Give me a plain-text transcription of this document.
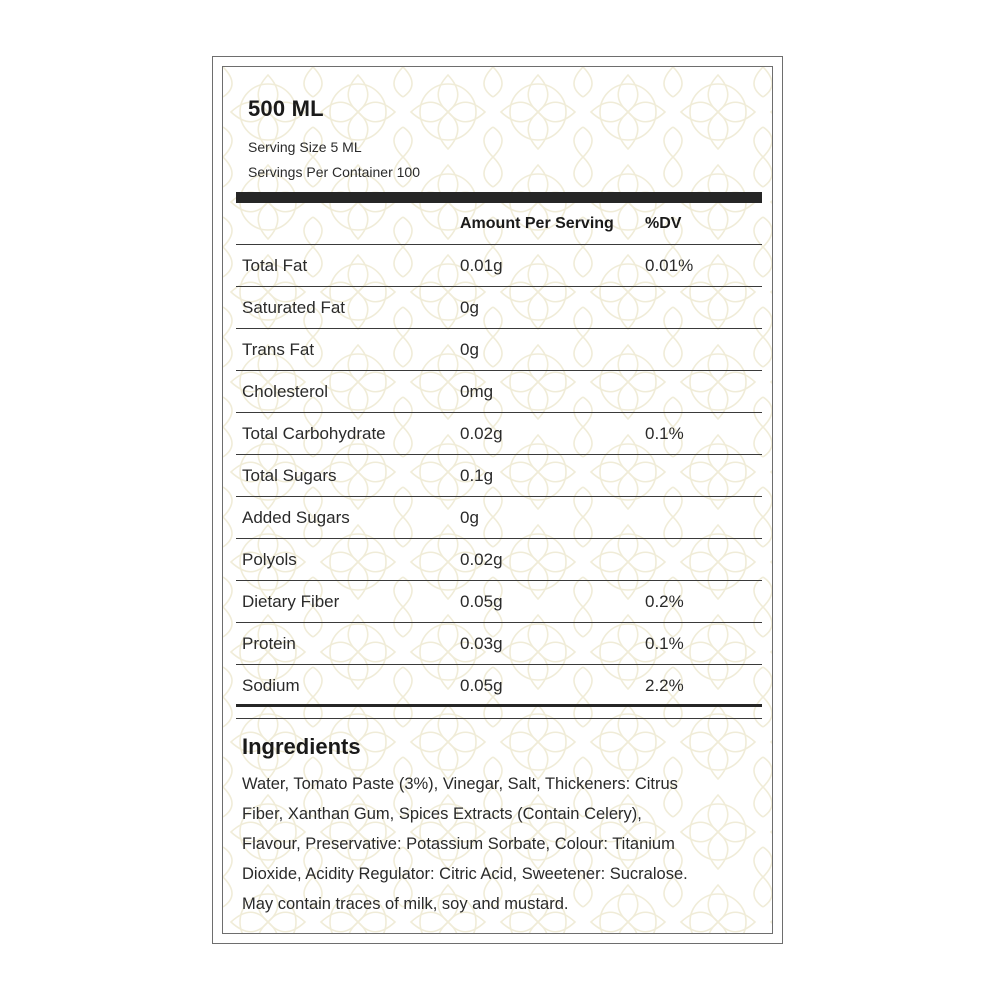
500 ML
Serving Size 5 ML
Servings Per Container 100
Amount Per Serving %DV
Total Fat	0.01g	0.01%
Saturated Fat	0g
Trans Fat	0g
Cholesterol	0mg
Total Carbohydrate	0.02g	0.1%
Total Sugars	0.1g
Added Sugars	0g
Polyols	0.02g
Dietary Fiber	0.05g	0.2%
Protein	0.03g	0.1%
Sodium	0.05g	2.2%
Ingredients
Water, Tomato Paste (3%), Vinegar, Salt, Thickeners: Citrus
Fiber, Xanthan Gum, Spices Extracts (Contain Celery),
Flavour, Preservative: Potassium Sorbate, Colour: Titanium
Dioxide, Acidity Regulator: Citric Acid, Sweetener: Sucralose.
May contain traces of milk, soy and mustard.
